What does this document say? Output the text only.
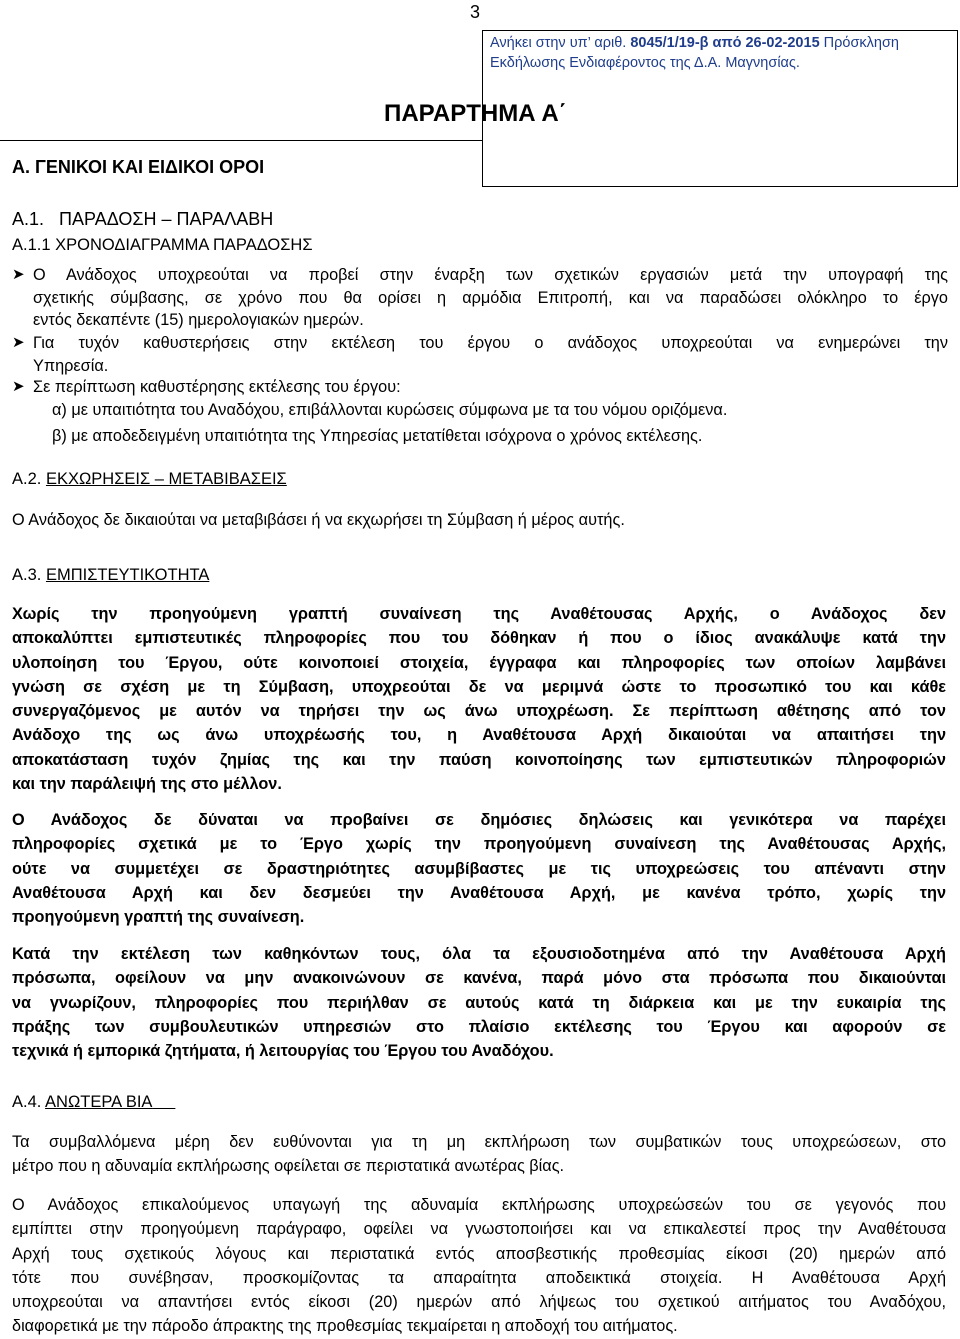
3
Ανήκει στην υπ’ αριθ. 8045/1/19-β από 26-02-2015 Πρόσκληση
Εκδήλωσης Ενδιαφέροντος της Δ.Α. Μαγνησίας.
ΠΑΡΑΡΤΗΜΑ Α΄
Α. ΓΕΝΙΚΟΙ ΚΑΙ ΕΙΔΙΚΟΙ ΟΡΟΙ
Α.1. ΠΑΡΑΔΟΣΗ – ΠΑΡΑΛΑΒΗ
Α.1.1 ΧΡΟΝΟΔΙΑΓΡΑΜΜΑ ΠΑΡΑΔΟΣΗΣ
➤ Ο Ανάδοχος υποχρεούται να προβεί στην έναρξη των σχετικών εργασιών μετά την υπογραφή της
σχετικής σύμβασης, σε χρόνο που θα ορίσει η αρμόδια Επιτροπή, και να παραδώσει ολόκληρο το έργο
εντός δεκαπέντε (15) ημερολογιακών ημερών.
➤ Για τυχόν καθυστερήσεις στην εκτέλεση του έργου ο ανάδοχος υποχρεούται να ενημερώνει την
Υπηρεσία.
➤ Σε περίπτωση καθυστέρησης εκτέλεσης του έργου:
α) με υπαιτιότητα του Αναδόχου, επιβάλλονται κυρώσεις σύμφωνα με τα του νόμου οριζόμενα.
β) με αποδεδειγμένη υπαιτιότητα της Υπηρεσίας μετατίθεται ισόχρονα ο χρόνος εκτέλεσης.
Α.2. ΕΚΧΩΡΗΣΕΙΣ – ΜΕΤΑΒΙΒΑΣΕΙΣ
Ο Ανάδοχος δε δικαιούται να μεταβιβάσει ή να εκχωρήσει τη Σύμβαση ή μέρος αυτής.
Α.3. ΕΜΠΙΣΤΕΥΤΙΚΟΤΗΤΑ
Χωρίς την προηγούμενη γραπτή συναίνεση της Αναθέτουσας Αρχής, ο Ανάδοχος δεν
αποκαλύπτει εμπιστευτικές πληροφορίες που του δόθηκαν ή που ο ίδιος ανακάλυψε κατά την
υλοποίηση του Έργου, ούτε κοινοποιεί στοιχεία, έγγραφα και πληροφορίες των οποίων λαμβάνει
γνώση σε σχέση με τη Σύμβαση, υποχρεούται δε να μεριμνά ώστε το προσωπικό του και κάθε
συνεργαζόμενος με αυτόν να τηρήσει την ως άνω υποχρέωση. Σε περίπτωση αθέτησης από τον
Ανάδοχο της ως άνω υποχρέωσής του, η Αναθέτουσα Αρχή δικαιούται να απαιτήσει την
αποκατάσταση τυχόν ζημίας της και την παύση κοινοποίησης των εμπιστευτικών πληροφοριών
και την παράλειψή της στο μέλλον.
Ο Ανάδοχος δε δύναται να προβαίνει σε δημόσιες δηλώσεις και γενικότερα να παρέχει
πληροφορίες σχετικά με το Έργο χωρίς την προηγούμενη συναίνεση της Αναθέτουσας Αρχής,
ούτε να συμμετέχει σε δραστηριότητες ασυμβίβαστες με τις υποχρεώσεις του απέναντι στην
Αναθέτουσα Αρχή και δεν δεσμεύει την Αναθέτουσα Αρχή, με κανένα τρόπο, χωρίς την
προηγούμενη γραπτή της συναίνεση.
Κατά την εκτέλεση των καθηκόντων τους, όλα τα εξουσιοδοτημένα από την Αναθέτουσα Αρχή
πρόσωπα, οφείλουν να μην ανακοινώνουν σε κανένα, παρά μόνο στα πρόσωπα που δικαιούνται
να γνωρίζουν, πληροφορίες που περιήλθαν σε αυτούς κατά τη διάρκεια και με την ευκαιρία της
πράξης των συμβουλευτικών υπηρεσιών στο πλαίσιο εκτέλεσης του Έργου και αφορούν σε
τεχνικά ή εμπορικά ζητήματα, ή λειτουργίας του Έργου του Αναδόχου.
Α.4. ΑΝΩΤΕΡΑ ΒΙΑ
Τα συμβαλλόμενα μέρη δεν ευθύνονται για τη μη εκπλήρωση των συμβατικών τους υποχρεώσεων, στο
μέτρο που η αδυναμία εκπλήρωσης οφείλεται σε περιστατικά ανωτέρας βίας.
Ο Ανάδοχος επικαλούμενος υπαγωγή της αδυναμία εκπλήρωσης υποχρεώσεών του σε γεγονός που
εμπίπτει στην προηγούμενη παράγραφο, οφείλει να γνωστοποιήσει και να επικαλεστεί προς την Αναθέτουσα
Αρχή τους σχετικούς λόγους και περιστατικά εντός αποσβεστικής προθεσμίας είκοσι (20) ημερών από
τότε που συνέβησαν, προσκομίζοντας τα απαραίτητα αποδεικτικά στοιχεία. Η Αναθέτουσα Αρχή
υποχρεούται να απαντήσει εντός είκοσι (20) ημερών από λήψεως του σχετικού αιτήματος του Αναδόχου,
διαφορετικά με την πάροδο άπρακτης της προθεσμίας τεκμαίρεται η αποδοχή του αιτήματος.
